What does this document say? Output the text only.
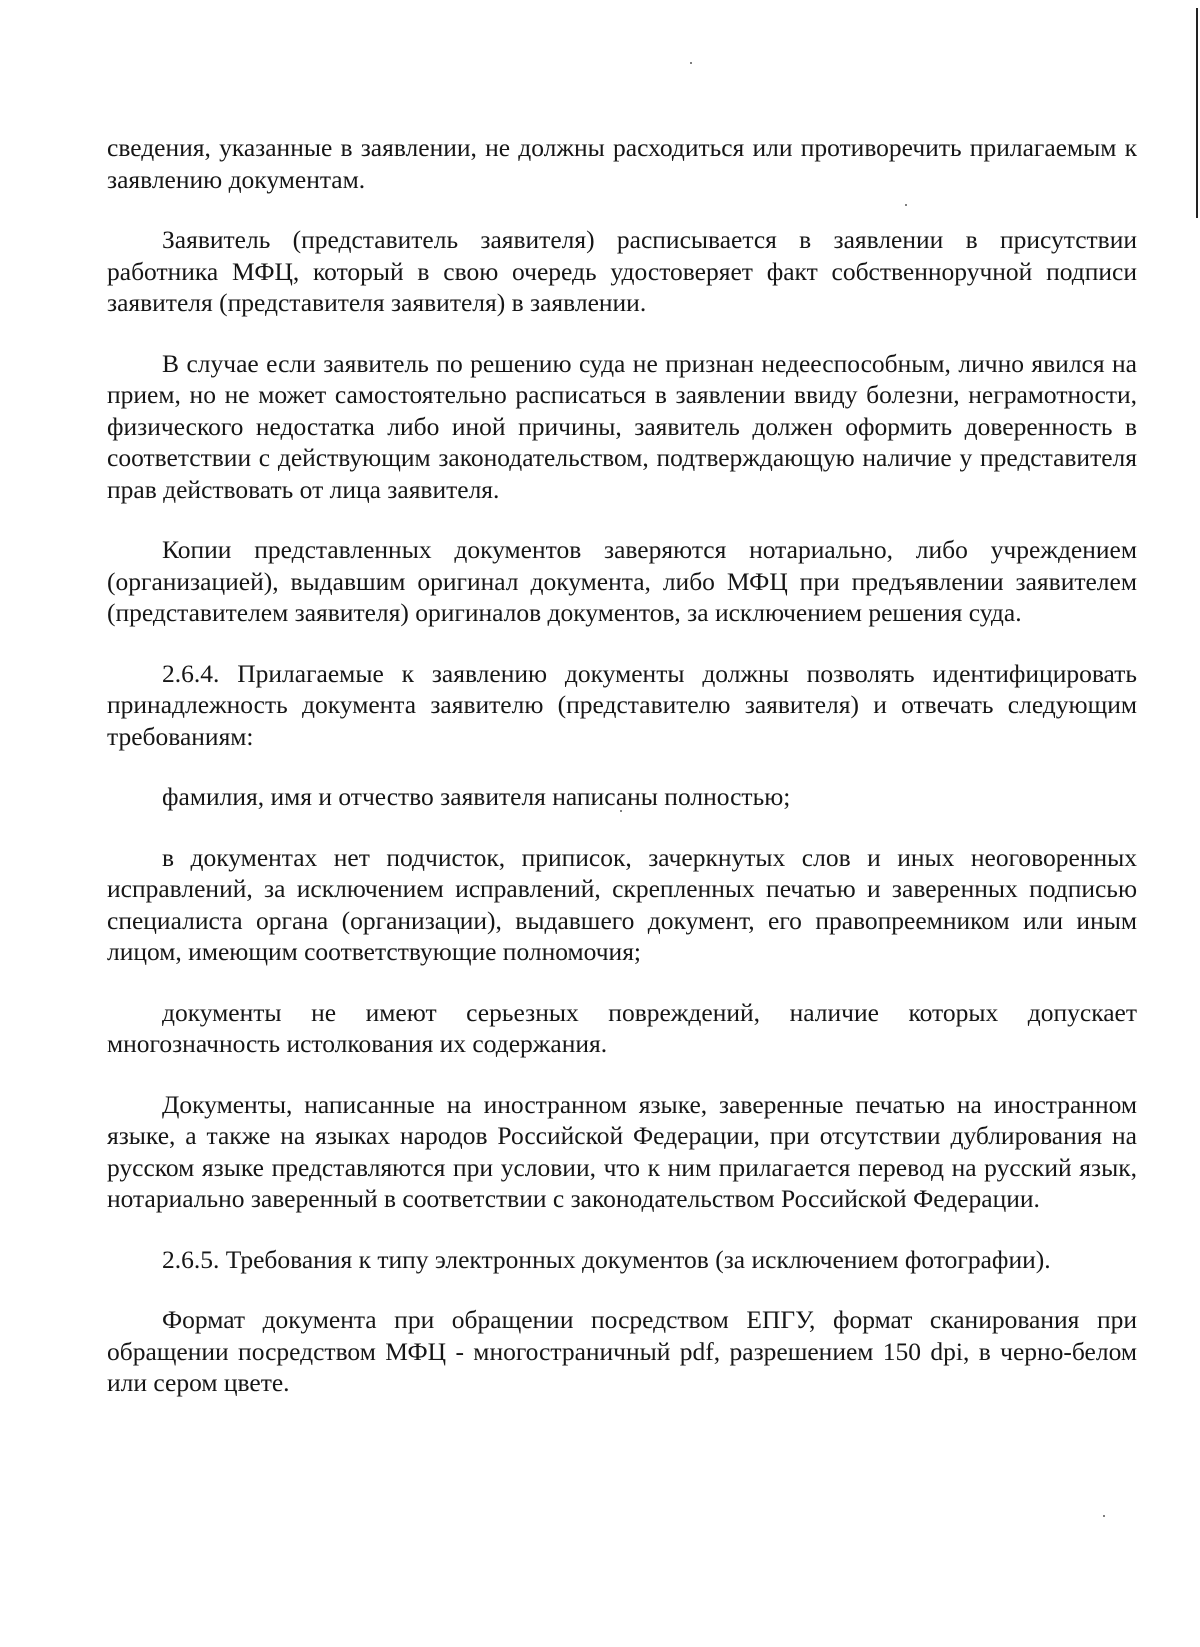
сведения, указанные в заявлении, не должны расходиться или противоречить прилагаемым к заявлению документам.

Заявитель (представитель заявителя) расписывается в заявлении в присутствии работника МФЦ, который в свою очередь удостоверяет факт собственноручной подписи заявителя (представителя заявителя) в заявлении.

В случае если заявитель по решению суда не признан недееспособным, лично явился на прием, но не может самостоятельно расписаться в заявлении ввиду болезни, неграмотности, физического недостатка либо иной причины, заявитель должен оформить доверенность в соответствии с действующим законодательством, подтверждающую наличие у представителя прав действовать от лица заявителя.

Копии представленных документов заверяются нотариально, либо учреждением (организацией), выдавшим оригинал документа, либо МФЦ при предъявлении заявителем (представителем заявителя) оригиналов документов, за исключением решения суда.

2.6.4. Прилагаемые к заявлению документы должны позволять идентифицировать принадлежность документа заявителю (представителю заявителя) и отвечать следующим требованиям:

фамилия, имя и отчество заявителя написаны полностью;

в документах нет подчисток, приписок, зачеркнутых слов и иных неоговоренных исправлений, за исключением исправлений, скрепленных печатью и заверенных подписью специалиста органа (организации), выдавшего документ, его правопреемником или иным лицом, имеющим соответствующие полномочия;

документы не имеют серьезных повреждений, наличие которых допускает многозначность истолкования их содержания.

Документы, написанные на иностранном языке, заверенные печатью на иностранном языке, а также на языках народов Российской Федерации, при отсутствии дублирования на русском языке представляются при условии, что к ним прилагается перевод на русский язык, нотариально заверенный в соответствии с законодательством Российской Федерации.

2.6.5. Требования к типу электронных документов (за исключением фотографии).

Формат документа при обращении посредством ЕПГУ, формат сканирования при обращении посредством МФЦ - многостраничный pdf, разрешением 150 dpi, в черно-белом или сером цвете.
